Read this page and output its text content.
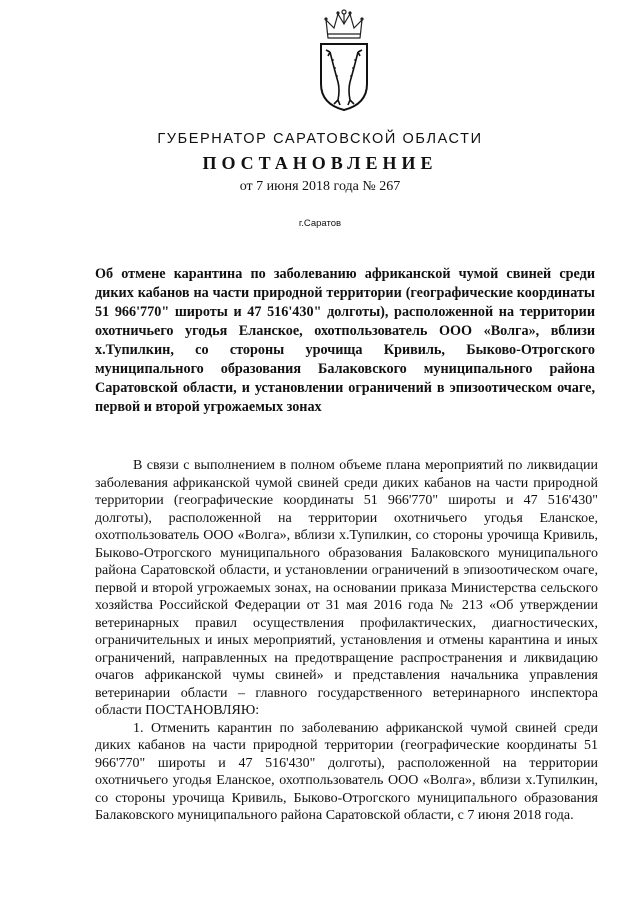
ГУБЕРНАТОР САРАТОВСКОЙ ОБЛАСТИ
ПОСТАНОВЛЕНИЕ
от 7 июня 2018 года № 267
г.Саратов

Об отмене карантина по заболеванию африканской чумой свиней среди диких кабанов на части природной территории (географические координаты 51 966'770" широты и 47 516'430" долготы), расположенной на территории охотничьего угодья Еланское, охотпользователь ООО «Волга», вблизи х.Тупилкин, со стороны урочища Кривиль, Быково-Отрогского муниципального образования Балаковского муниципального района Саратовской области, и установлении ограничений в эпизоотическом очаге, первой и второй угрожаемых зонах

В связи с выполнением в полном объеме плана мероприятий по ликвидации заболевания африканской чумой свиней среди диких кабанов на части природной территории (географические координаты 51 966'770" широты и 47 516'430" долготы), расположенной на территории охотничьего угодья Еланское, охотпользователь ООО «Волга», вблизи х.Тупилкин, со стороны урочища Кривиль, Быково-Отрогского муниципального образования Балаковского муниципального района Саратовской области, и установлении ограничений в эпизоотическом очаге, первой и второй угрожаемых зонах, на основании приказа Министерства сельского хозяйства Российской Федерации от 31 мая 2016 года № 213 «Об утверждении ветеринарных правил осуществления профилактических, диагностических, ограничительных и иных мероприятий, установления и отмены карантина и иных ограничений, направленных на предотвращение распространения и ликвидацию очагов африканской чумы свиней» и представления начальника управления ветеринарии области – главного государственного ветеринарного инспектора области ПОСТАНОВЛЯЮ:

1. Отменить карантин по заболеванию африканской чумой свиней среди диких кабанов на части природной территории (географические координаты 51 966'770" широты и 47 516'430" долготы), расположенной на территории охотничьего угодья Еланское, охотпользователь ООО «Волга», вблизи х.Тупилкин, со стороны урочища Кривиль, Быково-Отрогского муниципального образования Балаковского муниципального района Саратовской области, с 7 июня 2018 года.
